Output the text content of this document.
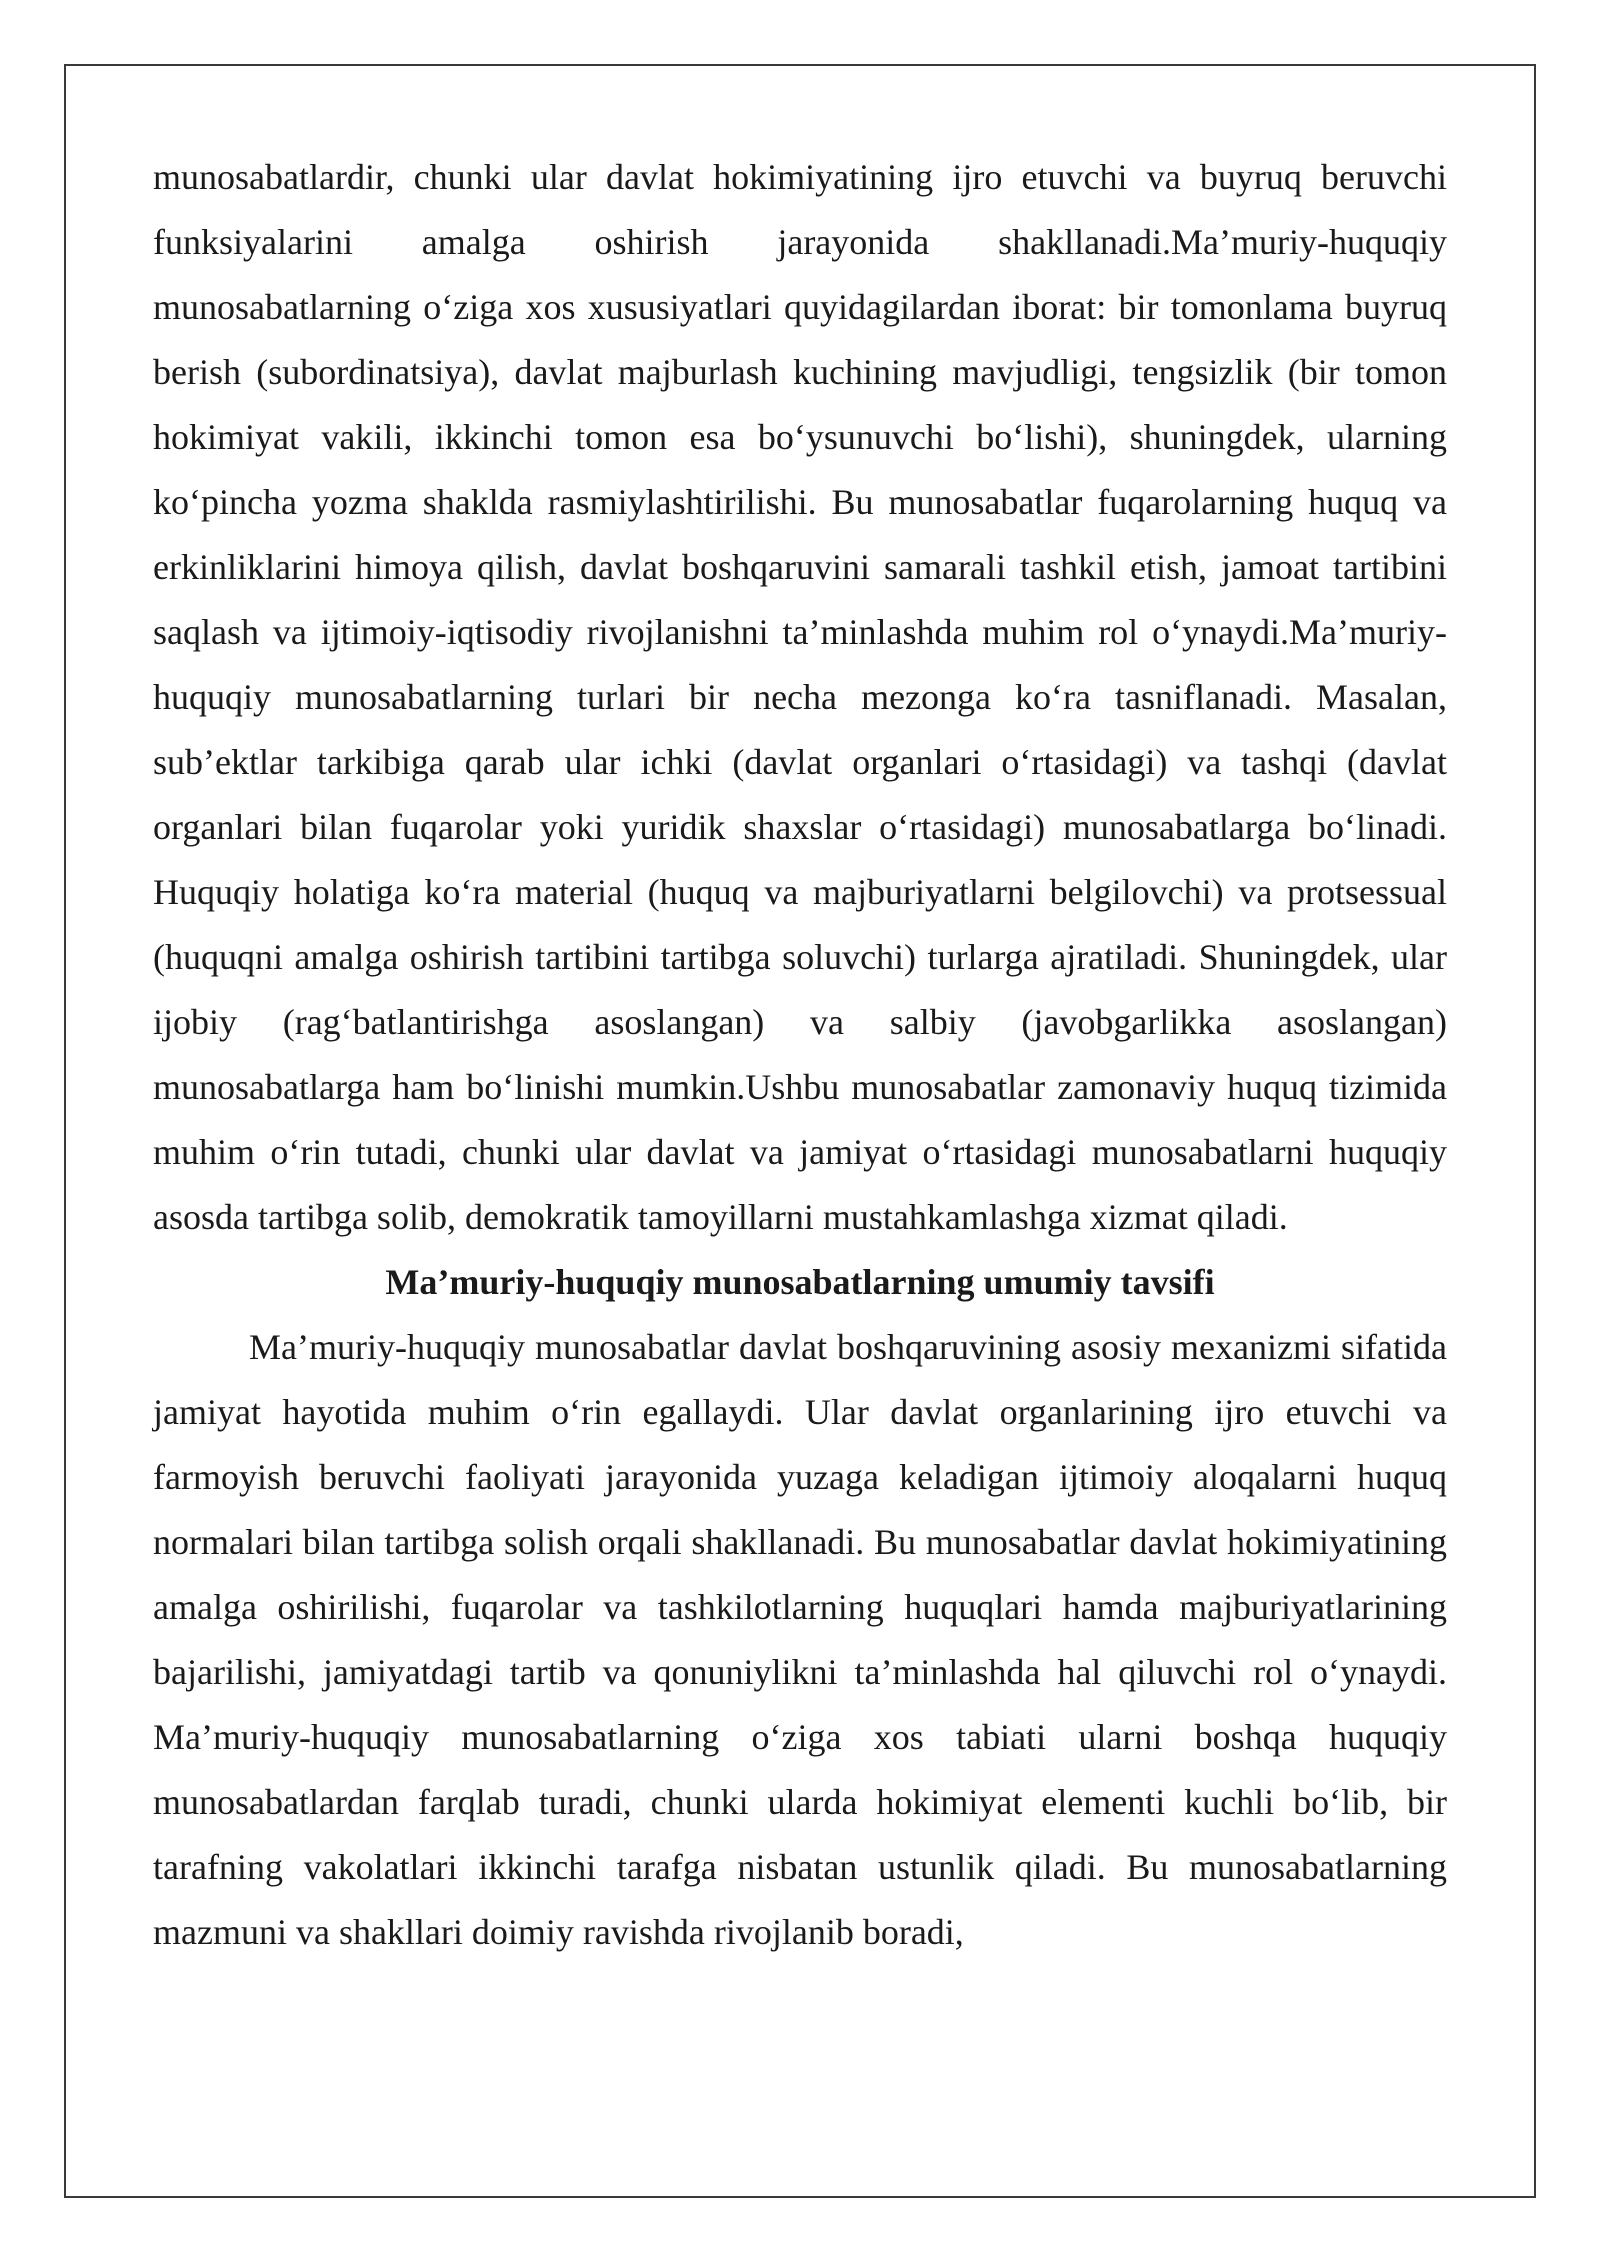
munosabatlardir, chunki ular davlat hokimiyatining ijro etuvchi va buyruq beruvchi funksiyalarini amalga oshirish jarayonida shakllanadi.Ma’muriy-huquqiy munosabatlarning o‘ziga xos xususiyatlari quyidagilardan iborat: bir tomonlama buyruq berish (subordinatsiya), davlat majburlash kuchining mavjudligi, tengsizlik (bir tomon hokimiyat vakili, ikkinchi tomon esa bo‘ysunuvchi bo‘lishi), shuningdek, ularning ko‘pincha yozma shaklda rasmiylashtirilishi. Bu munosabatlar fuqarolarning huquq va erkinliklarini himoya qilish, davlat boshqaruvini samarali tashkil etish, jamoat tartibini saqlash va ijtimoiy-iqtisodiy rivojlanishni ta’minlashda muhim rol o‘ynaydi.Ma’muriy-huquqiy munosabatlarning turlari bir necha mezonga ko‘ra tasniflanadi. Masalan, sub’ektlar tarkibiga qarab ular ichki (davlat organlari o‘rtasidagi) va tashqi (davlat organlari bilan fuqarolar yoki yuridik shaxslar o‘rtasidagi) munosabatlarga bo‘linadi. Huquqiy holatiga ko‘ra material (huquq va majburiyatlarni belgilovchi) va protsessual (huquqni amalga oshirish tartibini tartibga soluvchi) turlarga ajratiladi. Shuningdek, ular ijobiy (rag‘batlantirishga asoslangan) va salbiy (javobgarlikka asoslangan) munosabatlarga ham bo‘linishi mumkin.Ushbu munosabatlar zamonaviy huquq tizimida muhim o‘rin tutadi, chunki ular davlat va jamiyat o‘rtasidagi munosabatlarni huquqiy asosda tartibga solib, demokratik tamoyillarni mustahkamlashga xizmat qiladi.

Ma’muriy-huquqiy munosabatlarning umumiy tavsifi

Ma’muriy-huquqiy munosabatlar davlat boshqaruvining asosiy mexanizmi sifatida jamiyat hayotida muhim o‘rin egallaydi. Ular davlat organlarining ijro etuvchi va farmoyish beruvchi faoliyati jarayonida yuzaga keladigan ijtimoiy aloqalarni huquq normalari bilan tartibga solish orqali shakllanadi. Bu munosabatlar davlat hokimiyatining amalga oshirilishi, fuqarolar va tashkilotlarning huquqlari hamda majburiyatlarining bajarilishi, jamiyatdagi tartib va qonuniylikni ta’minlashda hal qiluvchi rol o‘ynaydi. Ma’muriy-huquqiy munosabatlarning o‘ziga xos tabiati ularni boshqa huquqiy munosabatlardan farqlab turadi, chunki ularda hokimiyat elementi kuchli bo‘lib, bir tarafning vakolatlari ikkinchi tarafga nisbatan ustunlik qiladi. Bu munosabatlarning mazmuni va shakllari doimiy ravishda rivojlanib boradi,
